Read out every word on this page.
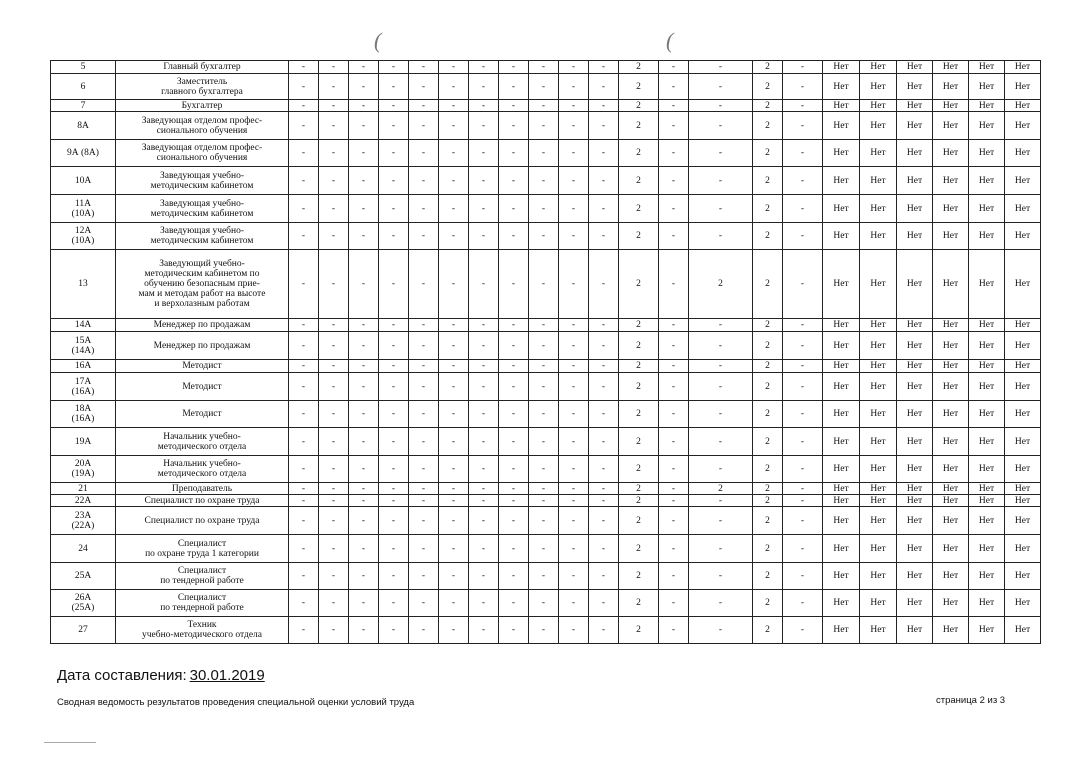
(	(
5	Главный бухгалтер	-	-	-	-	-	-	-	-	-	-	-	2	-	-	2	-	Нет	Нет	Нет	Нет	Нет	Нет
6	Заместитель
главного бухгалтера	-	-	-	-	-	-	-	-	-	-	-	2	-	-	2	-	Нет	Нет	Нет	Нет	Нет	Нет
7	Бухгалтер	-	-	-	-	-	-	-	-	-	-	-	2	-	-	2	-	Нет	Нет	Нет	Нет	Нет	Нет
8А	Заведующая отделом профес-
сионального обучения	-	-	-	-	-	-	-	-	-	-	-	2	-	-	2	-	Нет	Нет	Нет	Нет	Нет	Нет
9А (8А)	Заведующая отделом профес-
сионального обучения	-	-	-	-	-	-	-	-	-	-	-	2	-	-	2	-	Нет	Нет	Нет	Нет	Нет	Нет
10А	Заведующая учебно-
методическим кабинетом	-	-	-	-	-	-	-	-	-	-	-	2	-	-	2	-	Нет	Нет	Нет	Нет	Нет	Нет
11А
(10А)	Заведующая учебно-
методическим кабинетом	-	-	-	-	-	-	-	-	-	-	-	2	-	-	2	-	Нет	Нет	Нет	Нет	Нет	Нет
12А
(10А)	Заведующая учебно-
методическим кабинетом	-	-	-	-	-	-	-	-	-	-	-	2	-	-	2	-	Нет	Нет	Нет	Нет	Нет	Нет
13	Заведующий учебно-
методическим кабинетом по
обучению безопасным прие-
мам и методам работ на высоте
и верхолазным работам	-	-	-	-	-	-	-	-	-	-	-	2	-	2	2	-	Нет	Нет	Нет	Нет	Нет	Нет
14А	Менеджер по продажам	-	-	-	-	-	-	-	-	-	-	-	2	-	-	2	-	Нет	Нет	Нет	Нет	Нет	Нет
15А
(14А)	Менеджер по продажам	-	-	-	-	-	-	-	-	-	-	-	2	-	-	2	-	Нет	Нет	Нет	Нет	Нет	Нет
16А	Методист	-	-	-	-	-	-	-	-	-	-	-	2	-	-	2	-	Нет	Нет	Нет	Нет	Нет	Нет
17А
(16А)	Методист	-	-	-	-	-	-	-	-	-	-	-	2	-	-	2	-	Нет	Нет	Нет	Нет	Нет	Нет
18А
(16А)	Методист	-	-	-	-	-	-	-	-	-	-	-	2	-	-	2	-	Нет	Нет	Нет	Нет	Нет	Нет
19А	Начальник учебно-
методического отдела	-	-	-	-	-	-	-	-	-	-	-	2	-	-	2	-	Нет	Нет	Нет	Нет	Нет	Нет
20А
(19А)	Начальник учебно-
методического отдела	-	-	-	-	-	-	-	-	-	-	-	2	-	-	2	-	Нет	Нет	Нет	Нет	Нет	Нет
21	Преподаватель	-	-	-	-	-	-	-	-	-	-	-	2	-	2	2	-	Нет	Нет	Нет	Нет	Нет	Нет
22А	Специалист по охране труда	-	-	-	-	-	-	-	-	-	-	-	2	-	-	2	-	Нет	Нет	Нет	Нет	Нет	Нет
23А
(22А)	Специалист по охране труда	-	-	-	-	-	-	-	-	-	-	-	2	-	-	2	-	Нет	Нет	Нет	Нет	Нет	Нет
24	Специалист
по охране труда 1 категории	-	-	-	-	-	-	-	-	-	-	-	2	-	-	2	-	Нет	Нет	Нет	Нет	Нет	Нет
25А	Специалист
по тендерной работе	-	-	-	-	-	-	-	-	-	-	-	2	-	-	2	-	Нет	Нет	Нет	Нет	Нет	Нет
26А
(25А)	Специалист
по тендерной работе	-	-	-	-	-	-	-	-	-	-	-	2	-	-	2	-	Нет	Нет	Нет	Нет	Нет	Нет
27	Техник
учебно-методического отдела	-	-	-	-	-	-	-	-	-	-	-	2	-	-	2	-	Нет	Нет	Нет	Нет	Нет	Нет
Дата составления: 30.01.2019
Сводная ведомость результатов проведения специальной оценки условий труда	страница 2 из 3
